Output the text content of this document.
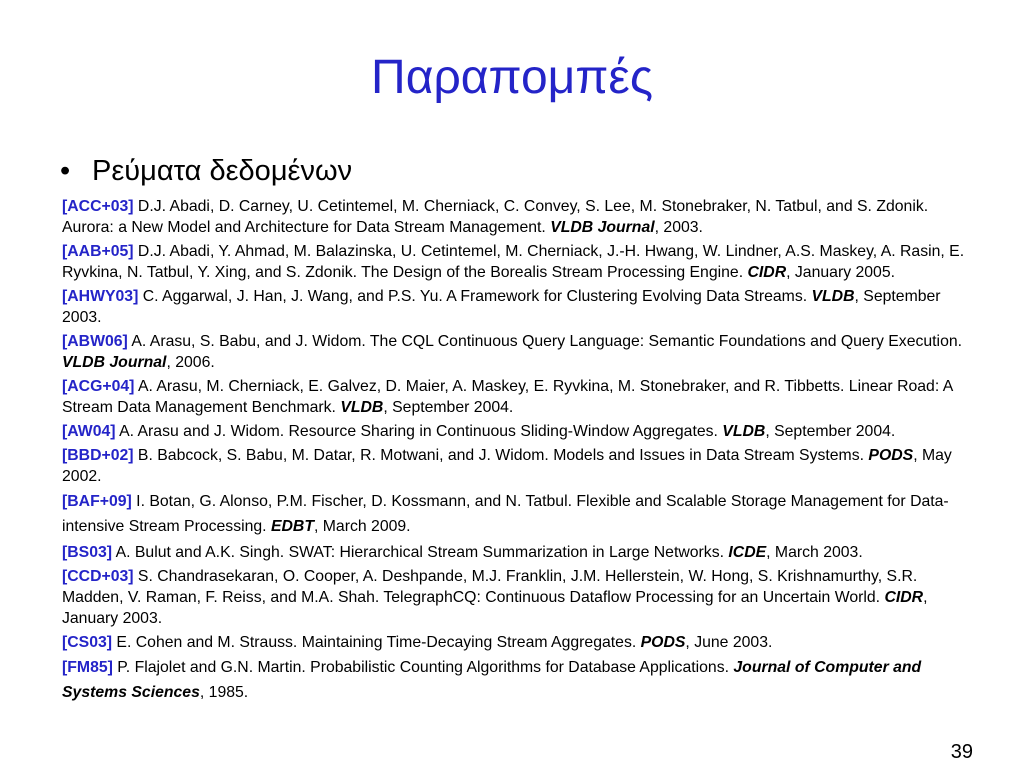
Παραπομπές
• Ρεύματα δεδομένων
[ACC+03] D.J. Abadi, D. Carney, U. Cetintemel, M. Cherniack, C. Convey, S. Lee, M. Stonebraker, N. Tatbul, and S. Zdonik. Aurora: a New Model and Architecture for Data Stream Management. VLDB Journal, 2003.
[AAB+05] D.J. Abadi, Y. Ahmad, M. Balazinska, U. Cetintemel, M. Cherniack, J.-H. Hwang, W. Lindner, A.S. Maskey, A. Rasin, E. Ryvkina, N. Tatbul, Y. Xing, and S. Zdonik. The Design of the Borealis Stream Processing Engine. CIDR, January 2005.
[AHWY03] C. Aggarwal, J. Han, J. Wang, and P.S. Yu. A Framework for Clustering Evolving Data Streams. VLDB, September 2003.
[ABW06] A. Arasu, S. Babu, and J. Widom. The CQL Continuous Query Language: Semantic Foundations and Query Execution. VLDB Journal, 2006.
[ACG+04] A. Arasu, M. Cherniack, E. Galvez, D. Maier, A. Maskey, E. Ryvkina, M. Stonebraker, and R. Tibbetts. Linear Road: A Stream Data Management Benchmark. VLDB, September 2004.
[AW04] A. Arasu and J. Widom. Resource Sharing in Continuous Sliding-Window Aggregates. VLDB, September 2004.
[BBD+02] B. Babcock, S. Babu, M. Datar, R. Motwani, and J. Widom. Models and Issues in Data Stream Systems. PODS, May 2002.
[BAF+09] I. Botan, G. Alonso, P.M. Fischer, D. Kossmann, and N. Tatbul. Flexible and Scalable Storage Management for Data-intensive Stream Processing. EDBT, March 2009.
[BS03] A. Bulut and A.K. Singh. SWAT: Hierarchical Stream Summarization in Large Networks. ICDE, March 2003.
[CCD+03] S. Chandrasekaran, O. Cooper, A. Deshpande, M.J. Franklin, J.M. Hellerstein, W. Hong, S. Krishnamurthy, S.R. Madden, V. Raman, F. Reiss, and M.A. Shah. TelegraphCQ: Continuous Dataflow Processing for an Uncertain World. CIDR, January 2003.
[CS03] E. Cohen and M. Strauss. Maintaining Time-Decaying Stream Aggregates. PODS, June 2003.
[FM85] P. Flajolet and G.N. Martin. Probabilistic Counting Algorithms for Database Applications. Journal of Computer and Systems Sciences, 1985.
39
